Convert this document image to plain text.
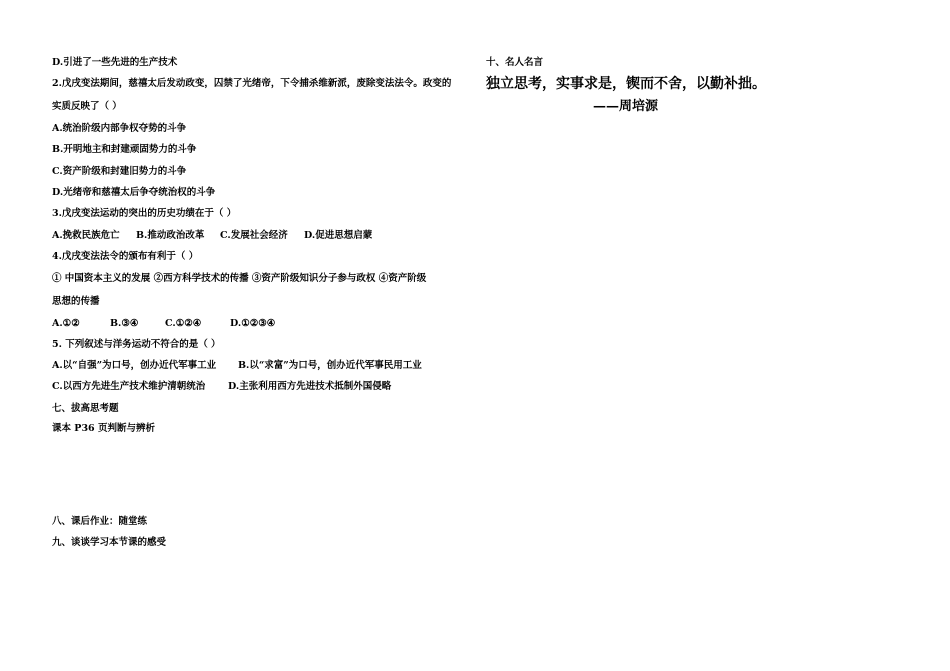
D.引进了一些先进的生产技术
2.戊戌变法期间，慈禧太后发动政变，囚禁了光绪帝，下令捕杀维新派，废除变法法令。政变的
实质反映了（ ）
A.统治阶级内部争权夺势的斗争
B.开明地主和封建顽固势力的斗争
C.资产阶级和封建旧势力的斗争
D.光绪帝和慈禧太后争夺统治权的斗争
3.戊戌变法运动的突出的历史功绩在于（ ）
A.挽救民族危亡	B.推动政治改革	C.发展社会经济	D.促进思想启蒙
4.戊戌变法法令的颁布有利于（ ）
① 中国资本主义的发展 ②西方科学技术的传播 ③资产阶级知识分子参与政权 ④资产阶级
思想的传播
A.①②	B.③④	C.①②④	D.①②③④
5. 下列叙述与洋务运动不符合的是（ ）
A.以“自强”为口号，创办近代军事工业	B.以“求富”为口号，创办近代军事民用工业
C.以西方先进生产技术维护清朝统治	D.主张利用西方先进技术抵制外国侵略
七、拔高思考题
课本 P36 页判断与辨析
八、课后作业：随堂练
九、谈谈学习本节课的感受
十、名人名言
独立思考，实事求是，锲而不舍，以勤补拙。
——周培源
